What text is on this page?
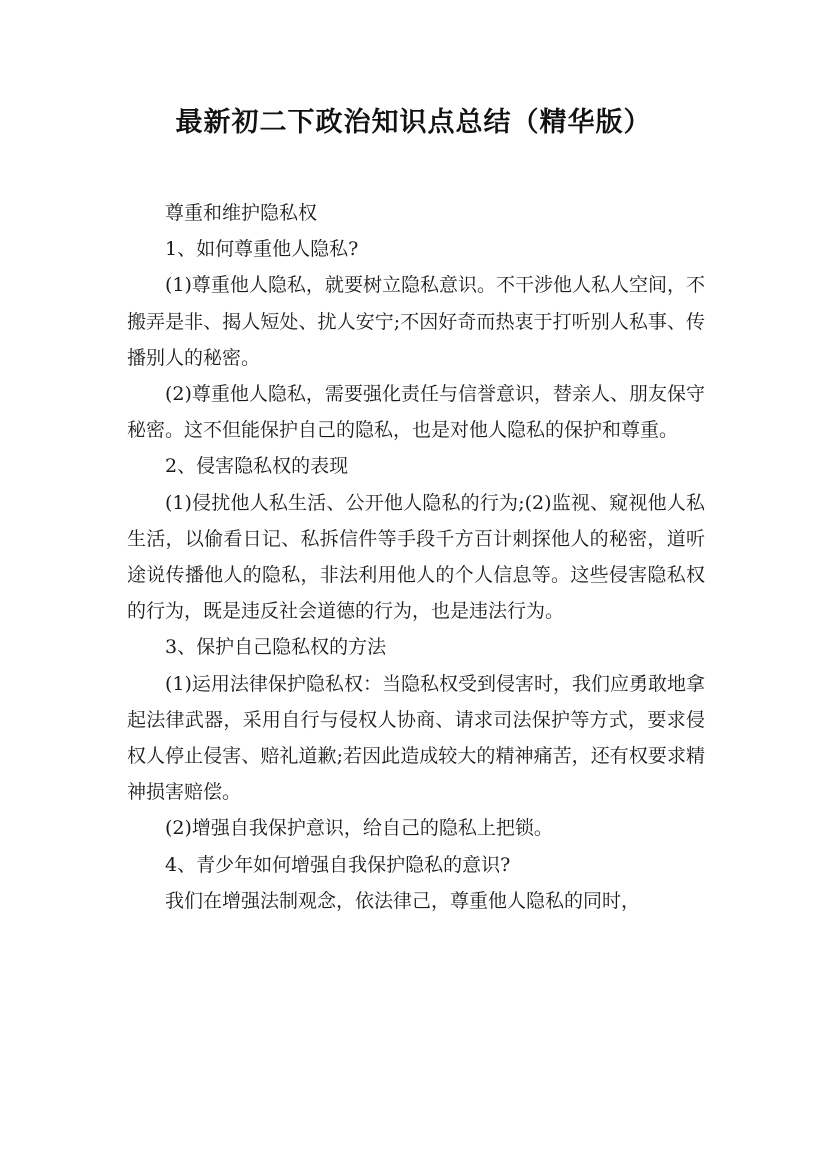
最新初二下政治知识点总结（精华版）

尊重和维护隐私权

1、如何尊重他人隐私?

(1)尊重他人隐私，就要树立隐私意识。不干涉他人私人空间，不搬弄是非、揭人短处、扰人安宁;不因好奇而热衷于打听别人私事、传播别人的秘密。

(2)尊重他人隐私，需要强化责任与信誉意识，替亲人、朋友保守秘密。这不但能保护自己的隐私，也是对他人隐私的保护和尊重。

2、侵害隐私权的表现

(1)侵扰他人私生活、公开他人隐私的行为;(2)监视、窥视他人私生活，以偷看日记、私拆信件等手段千方百计刺探他人的秘密，道听途说传播他人的隐私，非法利用他人的个人信息等。这些侵害隐私权的行为，既是违反社会道德的行为，也是违法行为。

3、保护自己隐私权的方法

(1)运用法律保护隐私权：当隐私权受到侵害时，我们应勇敢地拿起法律武器，采用自行与侵权人协商、请求司法保护等方式，要求侵权人停止侵害、赔礼道歉;若因此造成较大的精神痛苦，还有权要求精神损害赔偿。

(2)增强自我保护意识，给自己的隐私上把锁。

4、青少年如何增强自我保护隐私的意识?

我们在增强法制观念，依法律己，尊重他人隐私的同时，
